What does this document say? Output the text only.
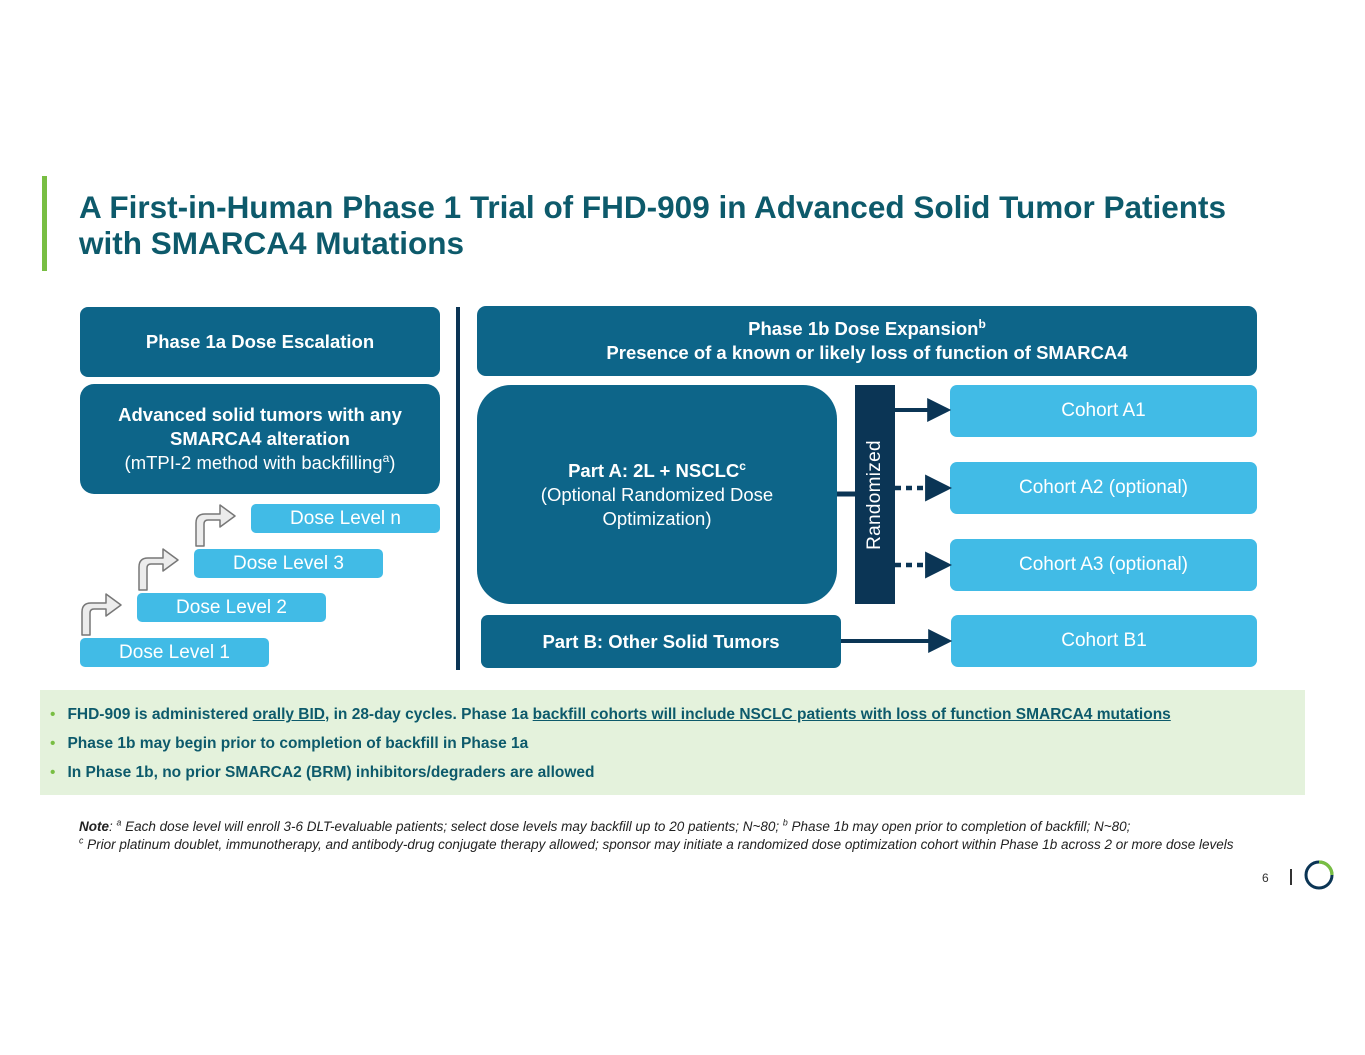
A First-in-Human Phase 1 Trial of FHD-909 in Advanced Solid Tumor Patients with SMARCA4 Mutations
Phase 1a Dose Escalation
Advanced solid tumors with any
SMARCA4 alteration
(mTPI-2 method with backfilling$^a$)
Dose Level 1
Dose Level 2
Dose Level 3
Dose Level n
Phase 1b Dose Expansion$^b$
Presence of a known or likely loss of function of SMARCA4
Part A: $2L + NSCLC^c$
(Optional Randomized Dose
Optimization)	Randomized
Part B: Other Solid Tumors
Cohort A1
Cohort A2 (optional)
Cohort A3 (optional)
Cohort B1
• FHD-909 is administered orally BID, in 28-day cycles. Phase 1a backfill cohorts will include NSCLC patients with loss of function SMARCA4 mutations
• Phase 1b may begin prior to completion of backfill in Phase 1a
• In Phase 1b, no prior SMARCA2 (BRM) inhibitors/degraders are allowed
Note: $^a$ Each dose level will enroll 3-6 DLT-evaluable patients; select dose levels may backfill up to 20 patients; N~80; $^b$ Phase 1b may open prior to completion of backfill; N~80;
$^c$ Prior platinum doublet, immunotherapy, and antibody-drug conjugate therapy allowed; sponsor may initiate a randomized dose optimization cohort within Phase 1b across 2 or more dose levels
6
